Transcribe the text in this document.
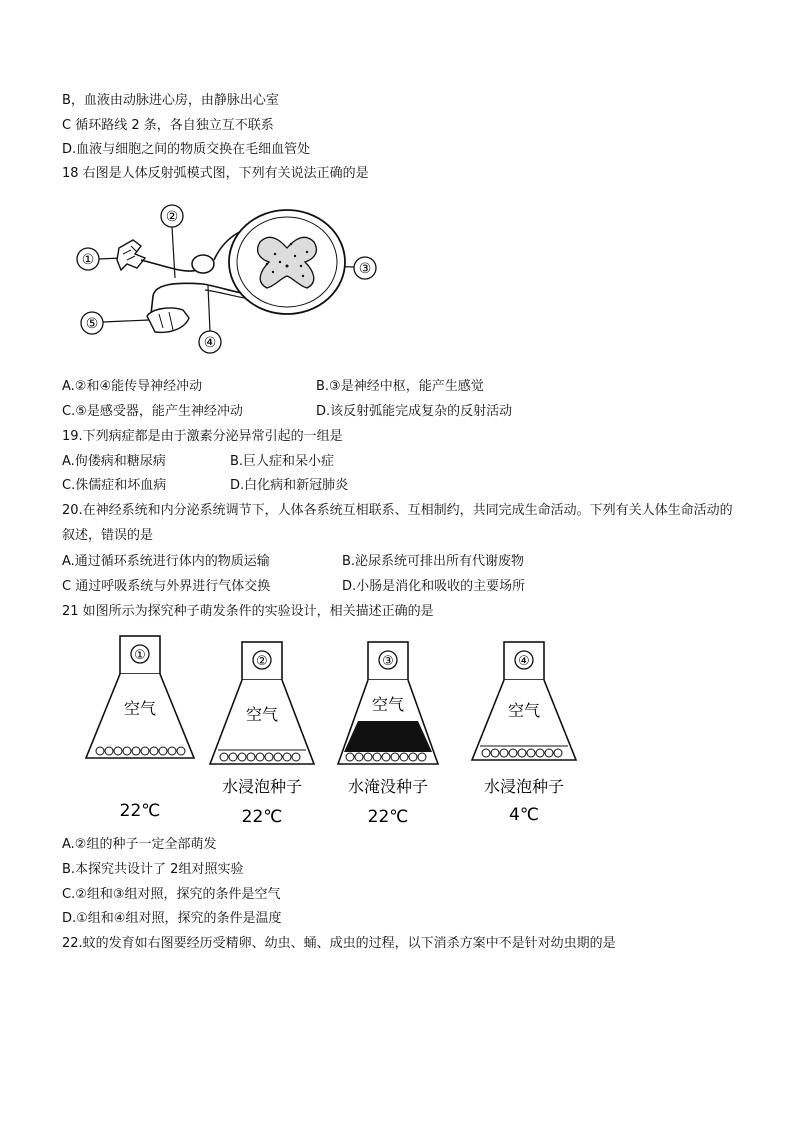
B，血液由动脉进心房，由静脉出心室
C 循环路线 2 条，各自独立互不联系
D.血液与细胞之间的物质交换在毛细血管处
18 右图是人体反射弧模式图，下列有关说法正确的是
①
②
③
④
⑤
A.②和④能传导神经冲动	B.③是神经中枢，能产生感觉
C.⑤是感受器，能产生神经冲动	D.该反射弧能完成复杂的反射活动
19.下列病症都是由于激素分泌异常引起的一组是
A.佝偻病和糖尿病	B.巨人症和呆小症
C.侏儒症和坏血病	D.白化病和新冠肺炎
20.在神经系统和内分泌系统调节下，人体各系统互相联系、互相制约，共同完成生命活动。下列有关人体生命活动的叙述，错误的是
A.通过循环系统进行体内的物质运输	B.泌尿系统可排出所有代谢废物
C 通过呼吸系统与外界进行气体交换	D.小肠是消化和吸收的主要场所
21 如图所示为探究种子萌发条件的实验设计，相关描述正确的是
①
空气
22℃
②
空气
水浸泡种子
22℃
③
空气
水淹没种子
22℃
④
空气
水浸泡种子
4℃
A.②组的种子一定全部萌发
B.本探究共设计了 2组对照实验
C.②组和③组对照，探究的条件是空气
D.①组和④组对照，探究的条件是温度
22.蚊的发育如右图要经历受精卵、幼虫、蛹、成虫的过程，以下消杀方案中不是针对幼虫期的是
